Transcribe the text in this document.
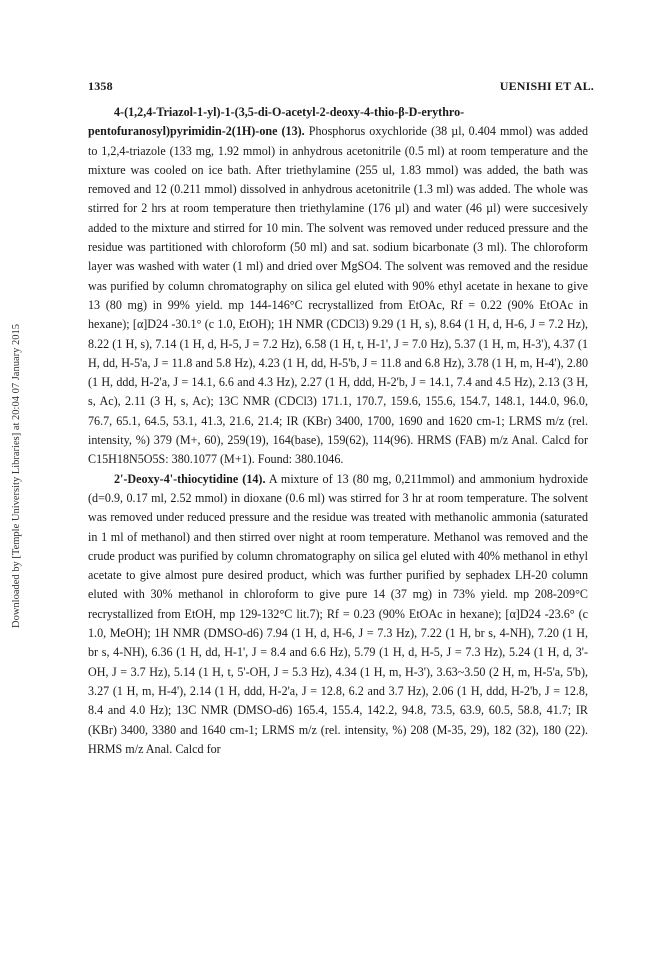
1358	UENISHI ET AL.
Downloaded by [Temple University Libraries] at 20:04 07 January 2015

4-(1,2,4-Triazol-1-yl)-1-(3,5-di-O-acetyl-2-deoxy-4-thio-β-D-erythro-pentofuranosyl)pyrimidin-2(1H)-one (13). Phosphorus oxychloride (38 µl, 0.404 mmol) was added to 1,2,4-triazole (133 mg, 1.92 mmol) in anhydrous acetonitrile (0.5 ml) at room temperature and the mixture was cooled on ice bath. After triethylamine (255 ul, 1.83 mmol) was added, the bath was removed and 12 (0.211 mmol) dissolved in anhydrous acetonitrile (1.3 ml) was added. The whole was stirred for 2 hrs at room temperature then triethylamine (176 µl) and water (46 µl) were succesively added to the mixture and stirred for 10 min. The solvent was removed under reduced pressure and the residue was partitioned with chloroform (50 ml) and sat. sodium bicarbonate (3 ml). The chloroform layer was washed with water (1 ml) and dried over MgSO4. The solvent was removed and the residue was purified by column chromatography on silica gel eluted with 90% ethyl acetate in hexane to give 13 (80 mg) in 99% yield. mp 144-146°C recrystallized from EtOAc, Rf = 0.22 (90% EtOAc in hexane); [α]D24 -30.1° (c 1.0, EtOH); 1H NMR (CDCl3) 9.29 (1 H, s), 8.64 (1 H, d, H-6, J = 7.2 Hz), 8.22 (1 H, s), 7.14 (1 H, d, H-5, J = 7.2 Hz), 6.58 (1 H, t, H-1', J = 7.0 Hz), 5.37 (1 H, m, H-3'), 4.37 (1 H, dd, H-5'a, J = 11.8 and 5.8 Hz), 4.23 (1 H, dd, H-5'b, J = 11.8 and 6.8 Hz), 3.78 (1 H, m, H-4'), 2.80 (1 H, ddd, H-2'a, J = 14.1, 6.6 and 4.3 Hz), 2.27 (1 H, ddd, H-2'b, J = 14.1, 7.4 and 4.5 Hz), 2.13 (3 H, s, Ac), 2.11 (3 H, s, Ac); 13C NMR (CDCl3) 171.1, 170.7, 159.6, 155.6, 154.7, 148.1, 144.0, 96.0, 76.7, 65.1, 64.5, 53.1, 41.3, 21.6, 21.4; IR (KBr) 3400, 1700, 1690 and 1620 cm-1; LRMS m/z (rel. intensity, %) 379 (M+, 60), 259(19), 164(base), 159(62), 114(96). HRMS (FAB) m/z Anal. Calcd for C15H18N5O5S: 380.1077 (M+1). Found: 380.1046.

2'-Deoxy-4'-thiocytidine (14). A mixture of 13 (80 mg, 0,211mmol) and ammonium hydroxide (d=0.9, 0.17 ml, 2.52 mmol) in dioxane (0.6 ml) was stirred for 3 hr at room temperature. The solvent was removed under reduced pressure and the residue was treated with methanolic ammonia (saturated in 1 ml of methanol) and then stirred over night at room temperature. Methanol was removed and the crude product was purified by column chromatography on silica gel eluted with 40% methanol in ethyl acetate to give almost pure desired product, which was further purified by sephadex LH-20 column eluted with 30% methanol in chloroform to give pure 14 (37 mg) in 73% yield. mp 208-209°C recrystallized from EtOH, mp 129-132°C lit.7); Rf = 0.23 (90% EtOAc in hexane); [α]D24 -23.6° (c 1.0, MeOH); 1H NMR (DMSO-d6) 7.94 (1 H, d, H-6, J = 7.3 Hz), 7.22 (1 H, br s, 4-NH), 7.20 (1 H, br s, 4-NH), 6.36 (1 H, dd, H-1', J = 8.4 and 6.6 Hz), 5.79 (1 H, d, H-5, J = 7.3 Hz), 5.24 (1 H, d, 3'-OH, J = 3.7 Hz), 5.14 (1 H, t, 5'-OH, J = 5.3 Hz), 4.34 (1 H, m, H-3'), 3.63~3.50 (2 H, m, H-5'a, 5'b), 3.27 (1 H, m, H-4'), 2.14 (1 H, ddd, H-2'a, J = 12.8, 6.2 and 3.7 Hz), 2.06 (1 H, ddd, H-2'b, J = 12.8, 8.4 and 4.0 Hz); 13C NMR (DMSO-d6) 165.4, 155.4, 142.2, 94.8, 73.5, 63.9, 60.5, 58.8, 41.7; IR (KBr) 3400, 3380 and 1640 cm-1; LRMS m/z (rel. intensity, %) 208 (M-35, 29), 182 (32), 180 (22). HRMS m/z Anal. Calcd for
